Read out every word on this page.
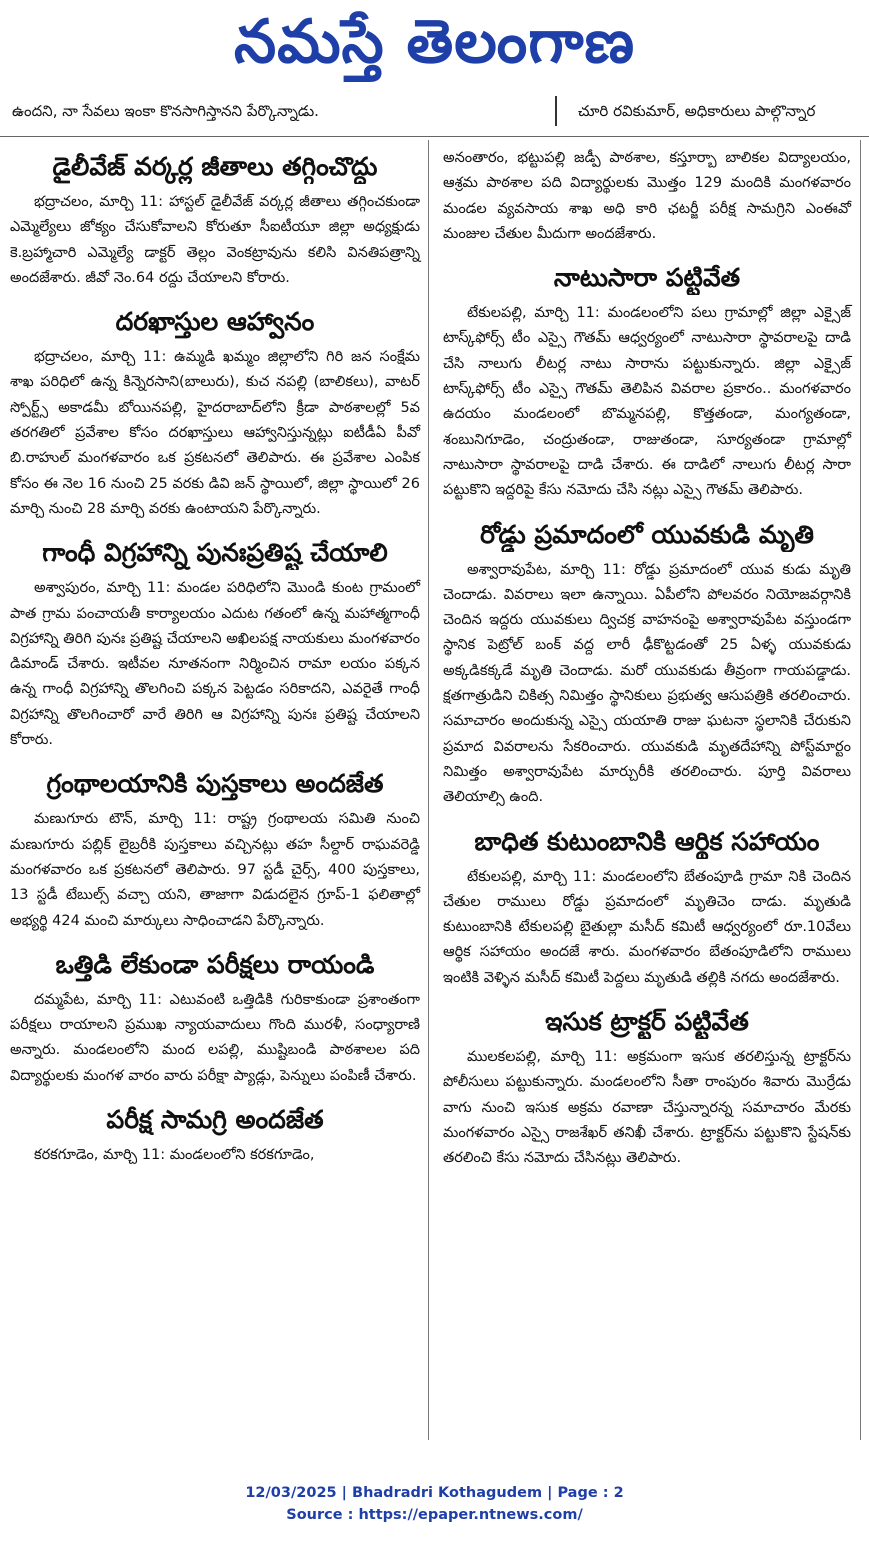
నమస్తే తెలంగాణ
ఉందని, నా సేవలు ఇంకా కొనసాగిస్తానని పేర్కొన్నాడు.	చూరి రవికుమార్, అధికారులు పాల్గొన్నార
డైలీవేజ్ వర్కర్ల జీతాలు తగ్గించొద్దు

భద్రాచలం, మార్చి 11: హాస్టల్ డైలీవేజ్ వర్కర్ల జీతాలు తగ్గించకుండా ఎమ్మెల్యేలు జోక్యం చేసుకోవాలని కోరుతూ సీఐటీయూ జిల్లా అధ్యక్షుడు కె.బ్రహ్మాచారి ఎమ్మెల్యే డాక్టర్ తెల్లం వెంకట్రావును కలిసి వినతిపత్రాన్ని అందజేశారు. జీవో నెం.64 రద్దు చేయాలని కోరారు.

దరఖాస్తుల ఆహ్వానం

భద్రాచలం, మార్చి 11: ఉమ్మడి ఖమ్మం జిల్లాలోని గిరి జన సంక్షేమ శాఖ పరిధిలో ఉన్న కిన్నెరసాని(బాలురు), కుచ నపల్లి (బాలికలు), వాటర్ స్పోర్ట్స్ అకాడమీ బోయినపల్లి, హైదరాబాద్‌లోని క్రీడా పాఠశాలల్లో 5వ తరగతిలో ప్రవేశాల కోసం దరఖాస్తులు ఆహ్వానిస్తున్నట్లు ఐటీడీఏ పీవో బి.రాహుల్ మంగళవారం ఒక ప్రకటనలో తెలిపారు. ఈ ప్రవేశాల ఎంపిక కోసం ఈ నెల 16 నుంచి 25 వరకు డివి జన్ స్థాయిలో, జిల్లా స్థాయిలో 26 మార్చి నుంచి 28 మార్చి వరకు ఉంటాయని పేర్కొన్నారు.

గాంధీ విగ్రహాన్ని పునఃప్రతిష్ట చేయాలి

అశ్వాపురం, మార్చి 11: మండల పరిధిలోని మొండి కుంట గ్రామంలో పాత గ్రామ పంచాయతీ కార్యాలయం ఎదుట గతంలో ఉన్న మహాత్మగాంధీ విగ్రహాన్ని తిరిగి పునః ప్రతిష్ట చేయాలని అఖిలపక్ష నాయకులు మంగళవారం డిమాండ్ చేశారు. ఇటీవల నూతనంగా నిర్మించిన రామా లయం పక్కన ఉన్న గాంధీ విగ్రహాన్ని తొలగించి పక్కన పెట్టడం సరికాదని, ఎవరైతే గాంధీ విగ్రహాన్ని తొలగించారో వారే తిరిగి ఆ విగ్రహాన్ని పునః ప్రతిష్ట చేయాలని కోరారు.

గ్రంథాలయానికి పుస్తకాలు అందజేత

మణుగూరు టౌన్, మార్చి 11: రాష్ట్ర గ్రంథాలయ సమితి నుంచి మణుగూరు పబ్లిక్ లైబ్రరీకి పుస్తకాలు వచ్చినట్లు తహ సీల్దార్ రాఘవరెడ్డి మంగళవారం ఒక ప్రకటనలో తెలిపారు. 97 స్టడీ చైర్స్, 400 పుస్తకాలు, 13 స్టడీ టేబుల్స్ వచ్చా యని, తాజాగా విడుదలైన గ్రూప్-1 ఫలితాల్లో అభ్యర్థి 424 మంచి మార్కులు సాధించాడని పేర్కొన్నారు.

ఒత్తిడి లేకుండా పరీక్షలు రాయండి

దమ్మపేట, మార్చి 11: ఎటువంటి ఒత్తిడికి గురికాకుండా ప్రశాంతంగా పరీక్షలు రాయాలని ప్రముఖ న్యాయవాదులు గొంది మురళీ, సంధ్యారాణి అన్నారు. మండలంలోని మంద లపల్లి, ముష్టిబండి పాఠశాలల పది విద్యార్థులకు మంగళ వారం వారు పరీక్షా ప్యాడ్లు, పెన్నులు పంపిణీ చేశారు.

పరీక్ష సామగ్రి అందజేత

కరకగూడెం, మార్చి 11: మండలంలోని కరకగూడెం,

అనంతారం, భట్టుపల్లి జడ్పీ పాఠశాల, కస్తూర్బా బాలికల విద్యాలయం, ఆశ్రమ పాఠశాల పది విద్యార్థులకు మొత్తం 129 మందికి మంగళవారం మండల వ్యవసాయ శాఖ అధి కారి ఛటర్జీ పరీక్ష సామగ్రిని ఎంఈవో మంజుల చేతుల మీదుగా అందజేశారు.

నాటుసారా పట్టివేత

టేకులపల్లి, మార్చి 11: మండలంలోని పలు గ్రామాల్లో జిల్లా ఎక్సైజ్ టాస్క్‌ఫోర్స్ టీం ఎస్సై గౌతమ్ ఆధ్వర్యంలో నాటుసారా స్థావరాలపై దాడి చేసి నాలుగు లీటర్ల నాటు సారాను పట్టుకున్నారు. జిల్లా ఎక్సైజ్ టాస్క్‌ఫోర్స్ టీం ఎస్సై గౌతమ్ తెలిపిన వివరాల ప్రకారం.. మంగళవారం ఉదయం మండలంలో బొమ్మనపల్లి, కొత్తతండా, మంగ్యతండా, శంబునిగూడెం, చంద్రుతండా, రాజుతండా, సూర్యతండా గ్రామాల్లో నాటుసారా స్థావరాలపై దాడి చేశారు. ఈ దాడిలో నాలుగు లీటర్ల సారా పట్టుకొని ఇద్దరిపై కేసు నమోదు చేసి నట్లు ఎస్సై గౌతమ్ తెలిపారు.

రోడ్డు ప్రమాదంలో యువకుడి మృతి

అశ్వారావుపేట, మార్చి 11: రోడ్డు ప్రమాదంలో యువ కుడు మృతి చెందాడు. వివరాలు ఇలా ఉన్నాయి. ఏపీలోని పోలవరం నియోజవర్గానికి చెందిన ఇద్దరు యువకులు ద్విచక్ర వాహనంపై అశ్వారావుపేట వస్తుండగా స్థానిక పెట్రోల్ బంక్ వద్ద లారీ ఢీకొట్టడంతో 25 ఏళ్ళ యువకుడు అక్కడికక్కడే మృతి చెందాడు. మరో యువకుడు తీవ్రంగా గాయపడ్డాడు. క్షతగాత్రుడిని చికిత్స నిమిత్తం స్థానికులు ప్రభుత్వ ఆసుపత్రికి తరలించారు. సమాచారం అందుకున్న ఎస్సై యయాతి రాజు ఘటనా స్థలానికి చేరుకుని ప్రమాద వివరాలను సేకరించారు. యువకుడి మృతదేహాన్ని పోస్ట్‌మార్టం నిమిత్తం అశ్వారావుపేట మార్చురీకి తరలించారు. పూర్తి వివరాలు తెలియాల్సి ఉంది.

బాధిత కుటుంబానికి ఆర్థిక సహాయం

టేకులపల్లి, మార్చి 11: మండలంలోని బేతంపూడి గ్రామా నికి చెందిన చేతుల రాములు రోడ్డు ప్రమాదంలో మృతిచెం దాడు. మృతుడి కుటుంబానికి టేకులపల్లి బైతుల్లా మసీద్ కమిటీ ఆధ్వర్యంలో రూ.10వేలు ఆర్థిక సహాయం అందజే శారు. మంగళవారం బేతంపూడిలోని రాములు ఇంటికి వెళ్ళిన మసీద్ కమిటీ పెద్దలు మృతుడి తల్లికి నగదు అందజేశారు.

ఇసుక ట్రాక్టర్ పట్టివేత

ములకలపల్లి, మార్చి 11: అక్రమంగా ఇసుక తరలిస్తున్న ట్రాక్టర్‌ను పోలీసులు పట్టుకున్నారు. మండలంలోని సీతా రాంపురం శివారు మొర్రేడు వాగు నుంచి ఇసుక అక్రమ రవాణా చేస్తున్నారన్న సమాచారం మేరకు మంగళవారం ఎస్సై రాజశేఖర్ తనిఖీ చేశారు. ట్రాక్టర్‌ను పట్టుకొని స్టేషన్‌కు తరలించి కేసు నమోదు చేసినట్లు తెలిపారు.

12/03/2025 | Bhadradri Kothagudem | Page : 2
Source : https://epaper.ntnews.com/
